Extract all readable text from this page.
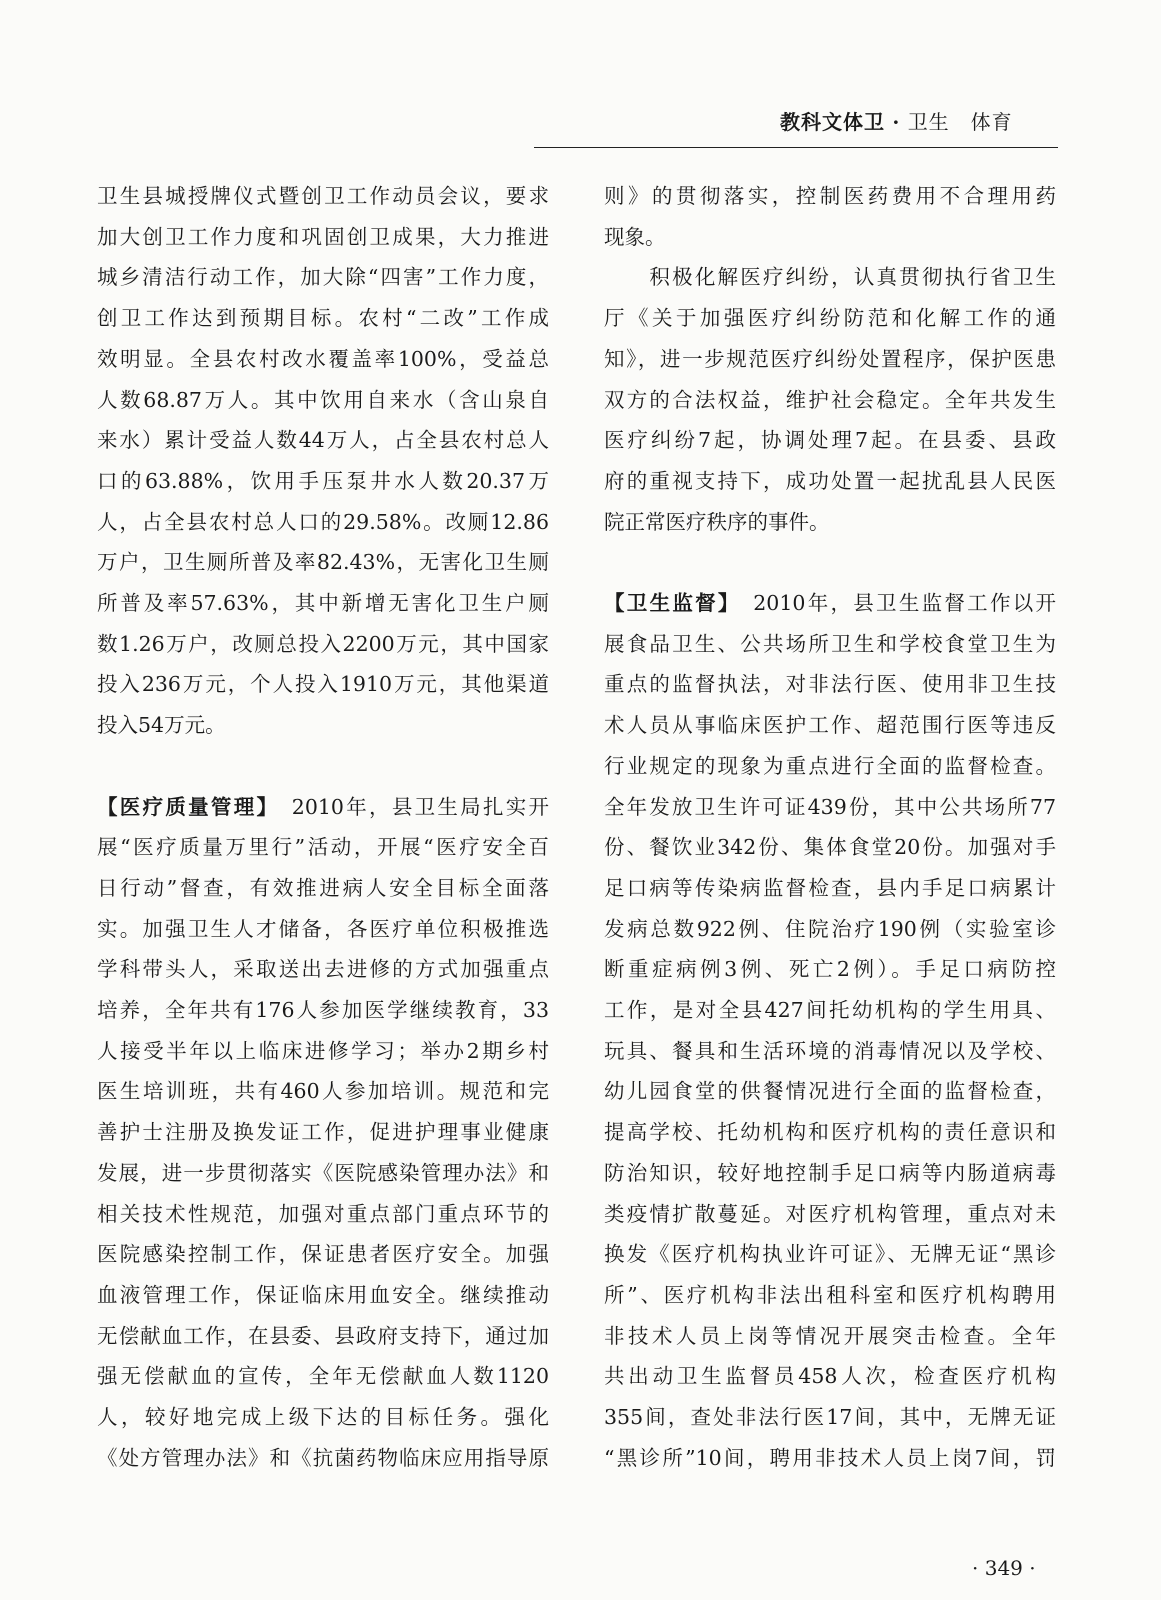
教科文体卫 · 卫生　体育
卫生县城授牌仪式暨创卫工作动员会议，要求
加大创卫工作力度和巩固创卫成果，大力推进
城乡清洁行动工作，加大除“四害”工作力度，
创卫工作达到预期目标。农村“二改”工作成
效明显。全县农村改水覆盖率100%，受益总
人数68.87万人。其中饮用自来水（含山泉自
来水）累计受益人数44万人，占全县农村总人
口的63.88%，饮用手压泵井水人数20.37万
人，占全县农村总人口的29.58%。改厕12.86
万户，卫生厕所普及率82.43%，无害化卫生厕
所普及率57.63%，其中新增无害化卫生户厕
数1.26万户，改厕总投入2200万元，其中国家
投入236万元，个人投入1910万元，其他渠道
投入54万元。
【医疗质量管理】　2010年，县卫生局扎实开
展“医疗质量万里行”活动，开展“医疗安全百
日行动”督查，有效推进病人安全目标全面落
实。加强卫生人才储备，各医疗单位积极推选
学科带头人，采取送出去进修的方式加强重点
培养，全年共有176人参加医学继续教育，33
人接受半年以上临床进修学习；举办2期乡村
医生培训班，共有460人参加培训。规范和完
善护士注册及换发证工作，促进护理事业健康
发展，进一步贯彻落实《医院感染管理办法》和
相关技术性规范，加强对重点部门重点环节的
医院感染控制工作，保证患者医疗安全。加强
血液管理工作，保证临床用血安全。继续推动
无偿献血工作，在县委、县政府支持下，通过加
强无偿献血的宣传，全年无偿献血人数1120
人，较好地完成上级下达的目标任务。强化
《处方管理办法》和《抗菌药物临床应用指导原
则》的贯彻落实，控制医药费用不合理用药
现象。
　　积极化解医疗纠纷，认真贯彻执行省卫生
厅《关于加强医疗纠纷防范和化解工作的通
知》，进一步规范医疗纠纷处置程序，保护医患
双方的合法权益，维护社会稳定。全年共发生
医疗纠纷7起，协调处理7起。在县委、县政
府的重视支持下，成功处置一起扰乱县人民医
院正常医疗秩序的事件。
【卫生监督】　2010年，县卫生监督工作以开
展食品卫生、公共场所卫生和学校食堂卫生为
重点的监督执法，对非法行医、使用非卫生技
术人员从事临床医护工作、超范围行医等违反
行业规定的现象为重点进行全面的监督检查。
全年发放卫生许可证439份，其中公共场所77
份、餐饮业342份、集体食堂20份。加强对手
足口病等传染病监督检查，县内手足口病累计
发病总数922例、住院治疗190例（实验室诊
断重症病例3例、死亡2例）。手足口病防控
工作，是对全县427间托幼机构的学生用具、
玩具、餐具和生活环境的消毒情况以及学校、
幼儿园食堂的供餐情况进行全面的监督检查，
提高学校、托幼机构和医疗机构的责任意识和
防治知识，较好地控制手足口病等内肠道病毒
类疫情扩散蔓延。对医疗机构管理，重点对未
换发《医疗机构执业许可证》、无牌无证“黑诊
所”、医疗机构非法出租科室和医疗机构聘用
非技术人员上岗等情况开展突击检查。全年
共出动卫生监督员458人次，检查医疗机构
355间，查处非法行医17间，其中，无牌无证
“黑诊所”10间，聘用非技术人员上岗7间，罚
· 349 ·
